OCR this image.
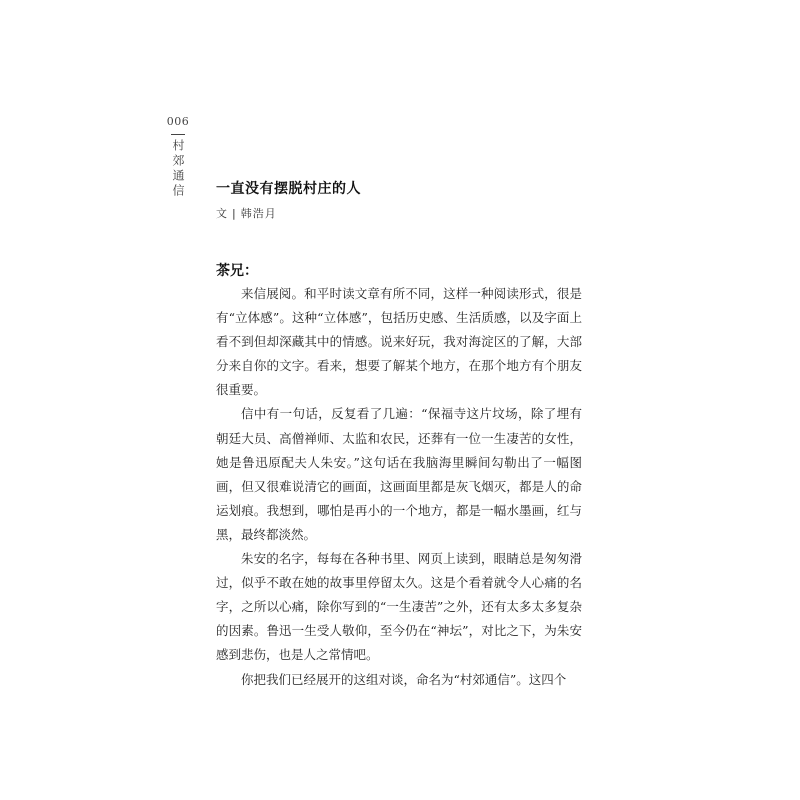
006
村郊通信 一直没有摆脱村庄的人
文 | 韩浩月
茶兄：

来信展阅。和平时读文章有所不同，这样一种阅读形式，很是有“立体感”。这种“立体感”，包括历史感、生活质感，以及字面上看不到但却深藏其中的情感。说来好玩，我对海淀区的了解，大部分来自你的文字。看来，想要了解某个地方，在那个地方有个朋友很重要。

信中有一句话，反复看了几遍：“保福寺这片坟场，除了埋有朝廷大员、高僧禅师、太监和农民，还葬有一位一生凄苦的女性，她是鲁迅原配夫人朱安。”这句话在我脑海里瞬间勾勒出了一幅图画，但又很难说清它的画面，这画面里都是灰飞烟灭，都是人的命运划痕。我想到，哪怕是再小的一个地方，都是一幅水墨画，红与黑，最终都淡然。

朱安的名字，每每在各种书里、网页上读到，眼睛总是匆匆滑过，似乎不敢在她的故事里停留太久。这是个看着就令人心痛的名字，之所以心痛，除你写到的“一生凄苦”之外，还有太多太多复杂的因素。鲁迅一生受人敬仰，至今仍在“神坛”，对比之下，为朱安感到悲伤，也是人之常情吧。

你把我们已经展开的这组对谈，命名为“村郊通信”。这四个
